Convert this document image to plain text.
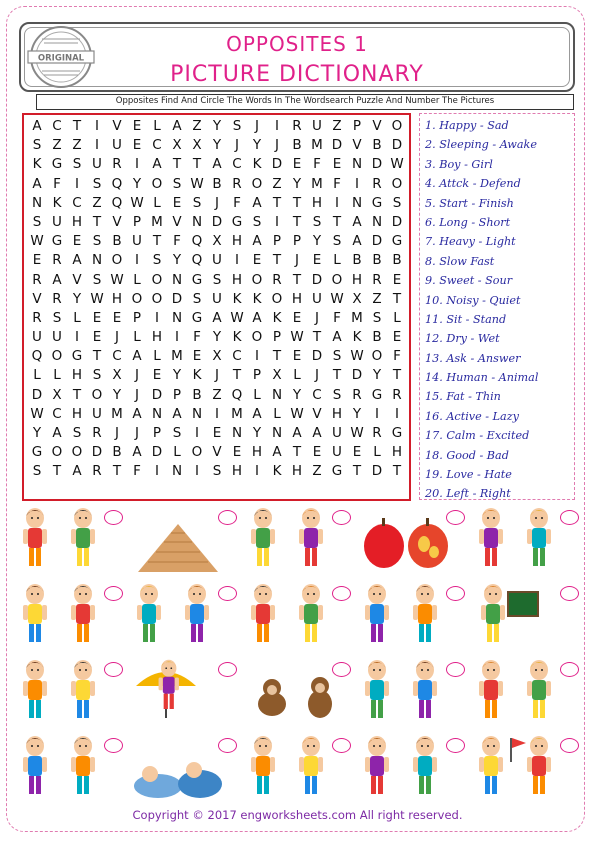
OPPOSITES 1
PICTURE DICTIONARY
ORIGINAL
Opposites Find And Circle The Words In The Wordsearch Puzzle And Number The Pictures
A C T	I V E L A Z Y S	J	I R U Z P V O
S Z Z I U E C X X Y	J	Y	J B M D V B D
K G S U R I A T T A C K D E F E N D W
A F	I	S Q Y O S W B R O Z Y M F	I R O
N K C Z Q W L E S	J	F A T T H I N G S
S U H T V P M V N D G S	I	T S T A N D
W G E S B U T F Q X H A P P Y S A D G
E R A N O I	S Y Q U I	E T	J	E L B B B
R A V S W L O N G S H O R T D O H R E
V R Y W H O O D S U K K O H U W X Z T
R S L E E P	I N G A W A K E	J	F M S L
U U I	E	J	L H I	F Y K O P W T A K B E
Q O G T C A L M E X C I	T E D S W O F
L L H S X J	E Y K	J	T P X L	J	T D Y T
D X T O Y	J D P B Z Q L N Y C S R G R
W C H U M A N A N I M A L W V H Y	I	I
Y A S R J	J	P S	I	E N Y N A A U W R G
G O O D B A D L O V E H A T E U E L H
S T A R T F	I N I	S H I	K H Z G T D T
1. Happy - Sad
2. Sleeping - Awake
3. Boy - Girl
4. Attck - Defend
5. Start - Finish
6. Long - Short
7. Heavy - Light
8. Slow Fast
9. Sweet - Sour
10. Noisy - Quiet
11. Sit - Stand
12. Dry - Wet
13. Ask - Answer
14. Human - Animal
15. Fat - Thin
16. Active - Lazy
17. Calm - Excited
18. Good - Bad
19. Love - Hate
20. Left - Right
Copyright © 2017 engworksheets.com All right reserved.
